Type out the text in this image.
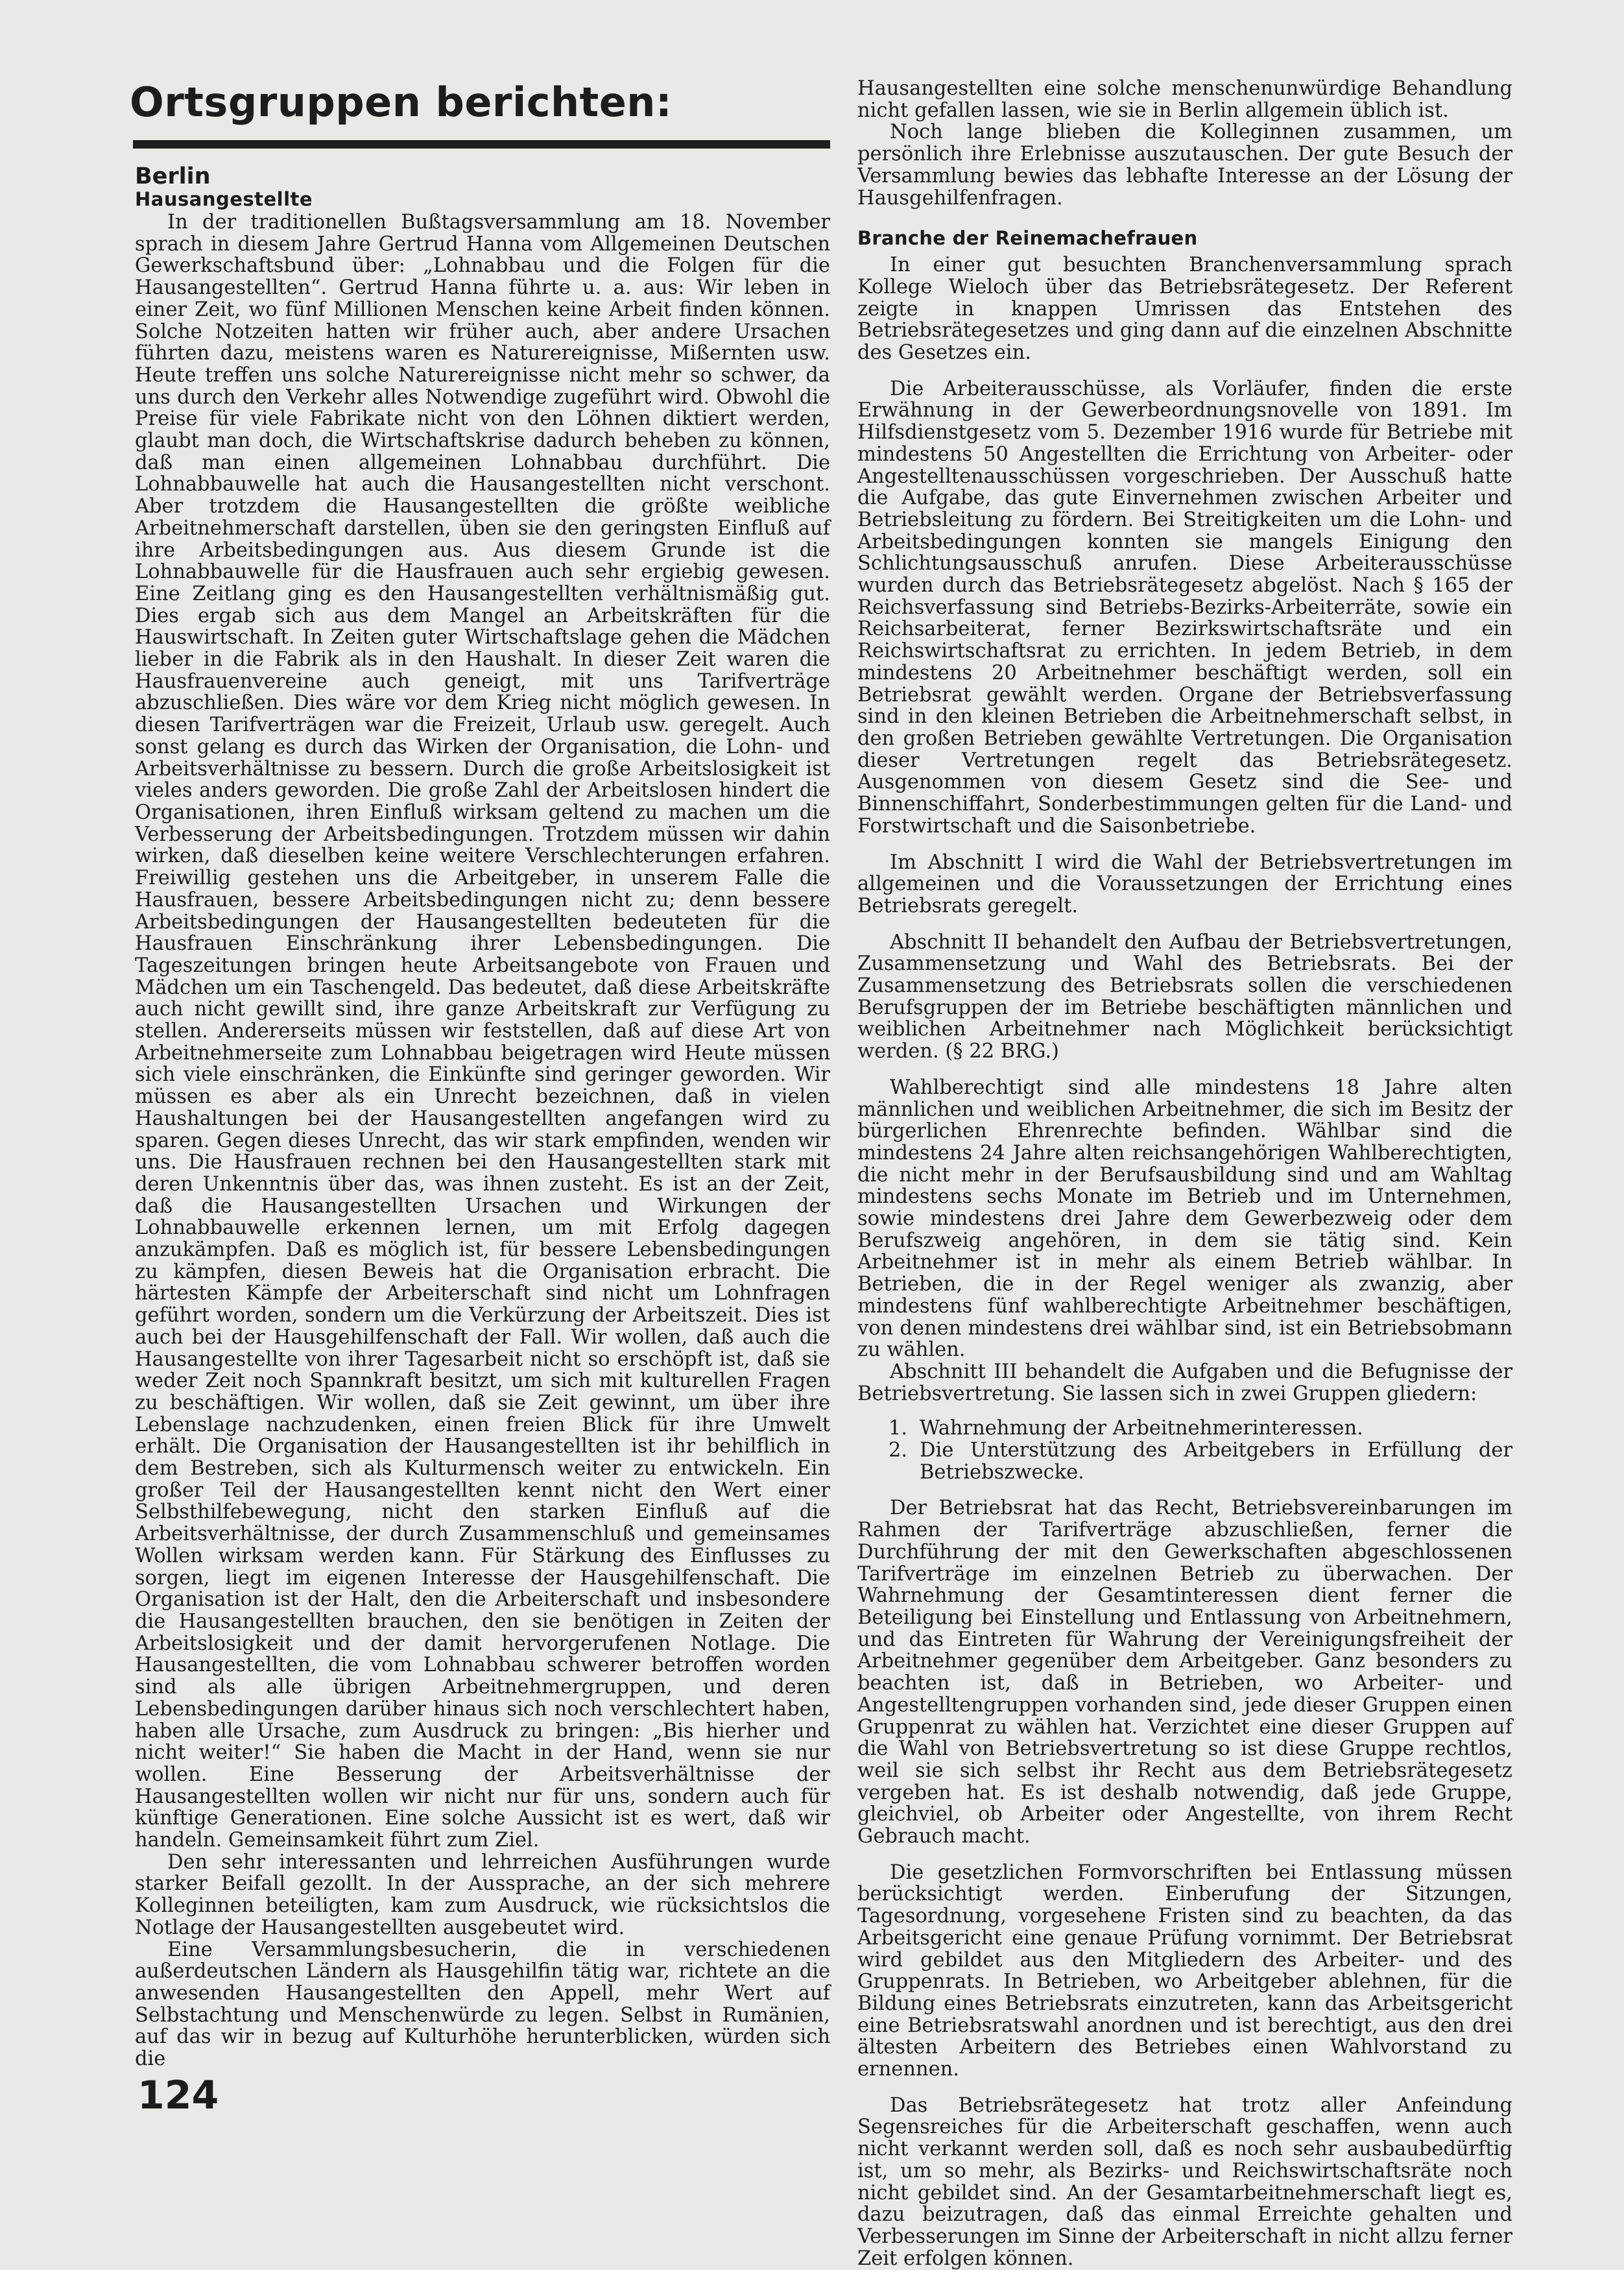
Ortsgruppen berichten:
Berlin
Hausangestellte

In der traditionellen Bußtagsversammlung am 18. November sprach in diesem Jahre Gertrud Hanna vom Allgemeinen Deutschen Gewerkschaftsbund über: „Lohnabbau und die Folgen für die Hausangestellten“. Gertrud Hanna führte u. a. aus: Wir leben in einer Zeit, wo fünf Millionen Menschen keine Arbeit finden können. Solche Notzeiten hatten wir früher auch, aber andere Ursachen führten dazu, meistens waren es Naturereignisse, Mißernten usw. Heute treffen uns solche Naturereignisse nicht mehr so schwer, da uns durch den Verkehr alles Notwendige zugeführt wird. Obwohl die Preise für viele Fabrikate nicht von den Löhnen diktiert werden, glaubt man doch, die Wirtschaftskrise dadurch beheben zu können, daß man einen allgemeinen Lohnabbau durchführt. Die Lohnabbauwelle hat auch die Hausangestellten nicht verschont. Aber trotzdem die Hausangestellten die größte weibliche Arbeitnehmerschaft darstellen, üben sie den geringsten Einfluß auf ihre Arbeitsbedingungen aus. Aus diesem Grunde ist die Lohnabbauwelle für die Hausfrauen auch sehr ergiebig gewesen. Eine Zeitlang ging es den Hausangestellten verhältnismäßig gut. Dies ergab sich aus dem Mangel an Arbeitskräften für die Hauswirtschaft. In Zeiten guter Wirtschaftslage gehen die Mädchen lieber in die Fabrik als in den Haushalt. In dieser Zeit waren die Hausfrauenvereine auch geneigt, mit uns Tarifverträge abzuschließen. Dies wäre vor dem Krieg nicht möglich gewesen. In diesen Tarifverträgen war die Freizeit, Urlaub usw. geregelt. Auch sonst gelang es durch das Wirken der Organisation, die Lohn- und Arbeitsverhältnisse zu bessern. Durch die große Arbeitslosigkeit ist vieles anders geworden. Die große Zahl der Arbeitslosen hindert die Organisationen, ihren Einfluß wirksam geltend zu machen um die Verbesserung der Arbeitsbedingungen. Trotzdem müssen wir dahin wirken, daß dieselben keine weitere Verschlechterungen erfahren. Freiwillig gestehen uns die Arbeitgeber, in unserem Falle die Hausfrauen, bessere Arbeitsbedingungen nicht zu; denn bessere Arbeitsbedingungen der Hausangestellten bedeuteten für die Hausfrauen Einschränkung ihrer Lebensbedingungen. Die Tageszeitungen bringen heute Arbeitsangebote von Frauen und Mädchen um ein Taschengeld. Das bedeutet, daß diese Arbeitskräfte auch nicht gewillt sind, ihre ganze Arbeitskraft zur Verfügung zu stellen. Andererseits müssen wir feststellen, daß auf diese Art von Arbeitnehmerseite zum Lohnabbau beigetragen wird Heute müssen sich viele einschränken, die Einkünfte sind geringer geworden. Wir müssen es aber als ein Unrecht bezeichnen, daß in vielen Haushaltungen bei der Hausangestellten angefangen wird zu sparen. Gegen dieses Unrecht, das wir stark empfinden, wenden wir uns. Die Hausfrauen rechnen bei den Hausangestellten stark mit deren Unkenntnis über das, was ihnen zusteht. Es ist an der Zeit, daß die Hausangestellten Ursachen und Wirkungen der Lohnabbauwelle erkennen lernen, um mit Erfolg dagegen anzukämpfen. Daß es möglich ist, für bessere Lebensbedingungen zu kämpfen, diesen Beweis hat die Organisation erbracht. Die härtesten Kämpfe der Arbeiterschaft sind nicht um Lohnfragen geführt worden, sondern um die Verkürzung der Arbeitszeit. Dies ist auch bei der Hausgehilfenschaft der Fall. Wir wollen, daß auch die Hausangestellte von ihrer Tagesarbeit nicht so erschöpft ist, daß sie weder Zeit noch Spannkraft besitzt, um sich mit kulturellen Fragen zu beschäftigen. Wir wollen, daß sie Zeit gewinnt, um über ihre Lebenslage nachzudenken, einen freien Blick für ihre Umwelt erhält. Die Organisation der Hausangestellten ist ihr behilflich in dem Bestreben, sich als Kulturmensch weiter zu entwickeln. Ein großer Teil der Hausangestellten kennt nicht den Wert einer Selbsthilfebewegung, nicht den starken Einfluß auf die Arbeitsverhältnisse, der durch Zusammenschluß und gemeinsames Wollen wirksam werden kann. Für Stärkung des Einflusses zu sorgen, liegt im eigenen Interesse der Hausgehilfenschaft. Die Organisation ist der Halt, den die Arbeiterschaft und insbesondere die Hausangestellten brauchen, den sie benötigen in Zeiten der Arbeitslosigkeit und der damit hervorgerufenen Notlage. Die Hausangestellten, die vom Lohnabbau schwerer betroffen worden sind als alle übrigen Arbeitnehmergruppen, und deren Lebensbedingungen darüber hinaus sich noch verschlechtert haben, haben alle Ursache, zum Ausdruck zu bringen: „Bis hierher und nicht weiter!“ Sie haben die Macht in der Hand, wenn sie nur wollen. Eine Besserung der Arbeitsverhältnisse der Hausangestellten wollen wir nicht nur für uns, sondern auch für künftige Generationen. Eine solche Aussicht ist es wert, daß wir handeln. Gemeinsamkeit führt zum Ziel.

Den sehr interessanten und lehrreichen Ausführungen wurde starker Beifall gezollt. In der Aussprache, an der sich mehrere Kolleginnen beteiligten, kam zum Ausdruck, wie rücksichtslos die Notlage der Hausangestellten ausgebeutet wird.

Eine Versammlungsbesucherin, die in verschiedenen außerdeutschen Ländern als Hausgehilfin tätig war, richtete an die anwesenden Hausangestellten den Appell, mehr Wert auf Selbstachtung und Menschenwürde zu legen. Selbst in Rumänien, auf das wir in bezug auf Kulturhöhe herunterblicken, würden sich die

Hausangestellten eine solche menschenunwürdige Behandlung nicht gefallen lassen, wie sie in Berlin allgemein üblich ist.

Noch lange blieben die Kolleginnen zusammen, um persönlich ihre Erlebnisse auszutauschen. Der gute Besuch der Versammlung bewies das lebhafte Interesse an der Lösung der Hausgehilfenfragen.

Branche der Reinemachefrauen

In einer gut besuchten Branchenversammlung sprach Kollege Wieloch über das Betriebsrätegesetz. Der Referent zeigte in knappen Umrissen das Entstehen des Betriebsrätegesetzes und ging dann auf die einzelnen Abschnitte des Gesetzes ein.

Die Arbeiterausschüsse, als Vorläufer, finden die erste Erwähnung in der Gewerbeordnungsnovelle von 1891. Im Hilfsdienstgesetz vom 5. Dezember 1916 wurde für Betriebe mit mindestens 50 Angestellten die Errichtung von Arbeiter- oder Angestelltenausschüssen vorgeschrieben. Der Ausschuß hatte die Aufgabe, das gute Einvernehmen zwischen Arbeiter und Betriebsleitung zu fördern. Bei Streitigkeiten um die Lohn- und Arbeitsbedingungen konnten sie mangels Einigung den Schlichtungsausschuß anrufen. Diese Arbeiterausschüsse wurden durch das Betriebsrätegesetz abgelöst. Nach § 165 der Reichsverfassung sind Betriebs-Bezirks-Arbeiterräte, sowie ein Reichsarbeiterat, ferner Bezirkswirtschaftsräte und ein Reichswirtschaftsrat zu errichten. In jedem Betrieb, in dem mindestens 20 Arbeitnehmer beschäftigt werden, soll ein Betriebsrat gewählt werden. Organe der Betriebsverfassung sind in den kleinen Betrieben die Arbeitnehmerschaft selbst, in den großen Betrieben gewählte Vertretungen. Die Organisation dieser Vertretungen regelt das Betriebsrätegesetz. Ausgenommen von diesem Gesetz sind die See- und Binnenschiffahrt, Sonderbestimmungen gelten für die Land- und Forstwirtschaft und die Saisonbetriebe.

Im Abschnitt I wird die Wahl der Betriebsvertretungen im allgemeinen und die Voraussetzungen der Errichtung eines Betriebsrats geregelt.

Abschnitt II behandelt den Aufbau der Betriebsvertretungen, Zusammensetzung und Wahl des Betriebsrats. Bei der Zusammensetzung des Betriebsrats sollen die verschiedenen Berufsgruppen der im Betriebe beschäftigten männlichen und weiblichen Arbeitnehmer nach Möglichkeit berücksichtigt werden. (§ 22 BRG.)

Wahlberechtigt sind alle mindestens 18 Jahre alten männlichen und weiblichen Arbeitnehmer, die sich im Besitz der bürgerlichen Ehrenrechte befinden. Wählbar sind die mindestens 24 Jahre alten reichsangehörigen Wahlberechtigten, die nicht mehr in der Berufsausbildung sind und am Wahltag mindestens sechs Monate im Betrieb und im Unternehmen, sowie mindestens drei Jahre dem Gewerbezweig oder dem Berufszweig angehören, in dem sie tätig sind. Kein Arbeitnehmer ist in mehr als einem Betrieb wählbar. In Betrieben, die in der Regel weniger als zwanzig, aber mindestens fünf wahlberechtigte Arbeitnehmer beschäftigen, von denen mindestens drei wählbar sind, ist ein Betriebsobmann zu wählen.

Abschnitt III behandelt die Aufgaben und die Befugnisse der Betriebsvertretung. Sie lassen sich in zwei Gruppen gliedern:

1. Wahrnehmung der Arbeitnehmerinteressen.
2. Die Unterstützung des Arbeitgebers in Erfüllung der Betriebszwecke.

Der Betriebsrat hat das Recht, Betriebsvereinbarungen im Rahmen der Tarifverträge abzuschließen, ferner die Durchführung der mit den Gewerkschaften abgeschlossenen Tarifverträge im einzelnen Betrieb zu überwachen. Der Wahrnehmung der Gesamtinteressen dient ferner die Beteiligung bei Einstellung und Entlassung von Arbeitnehmern, und das Eintreten für Wahrung der Vereinigungsfreiheit der Arbeitnehmer gegenüber dem Arbeitgeber. Ganz besonders zu beachten ist, daß in Betrieben, wo Arbeiter- und Angestelltengruppen vorhanden sind, jede dieser Gruppen einen Gruppenrat zu wählen hat. Verzichtet eine dieser Gruppen auf die Wahl von Betriebsvertretung so ist diese Gruppe rechtlos, weil sie sich selbst ihr Recht aus dem Betriebsrätegesetz vergeben hat. Es ist deshalb notwendig, daß jede Gruppe, gleichviel, ob Arbeiter oder Angestellte, von ihrem Recht Gebrauch macht.

Die gesetzlichen Formvorschriften bei Entlassung müssen berücksichtigt werden. Einberufung der Sitzungen, Tagesordnung, vorgesehene Fristen sind zu beachten, da das Arbeitsgericht eine genaue Prüfung vornimmt. Der Betriebsrat wird gebildet aus den Mitgliedern des Arbeiter- und des Gruppenrats. In Betrieben, wo Arbeitgeber ablehnen, für die Bildung eines Betriebsrats einzutreten, kann das Arbeitsgericht eine Betriebsratswahl anordnen und ist berechtigt, aus den drei ältesten Arbeitern des Betriebes einen Wahlvorstand zu ernennen.

Das Betriebsrätegesetz hat trotz aller Anfeindung Segensreiches für die Arbeiterschaft geschaffen, wenn auch nicht verkannt werden soll, daß es noch sehr ausbaubedürftig ist, um so mehr, als Bezirks- und Reichswirtschaftsräte noch nicht gebildet sind. An der Gesamtarbeitnehmerschaft liegt es, dazu beizutragen, daß das einmal Erreichte gehalten und Verbesserungen im Sinne der Arbeiterschaft in nicht allzu ferner Zeit erfolgen können.

124
